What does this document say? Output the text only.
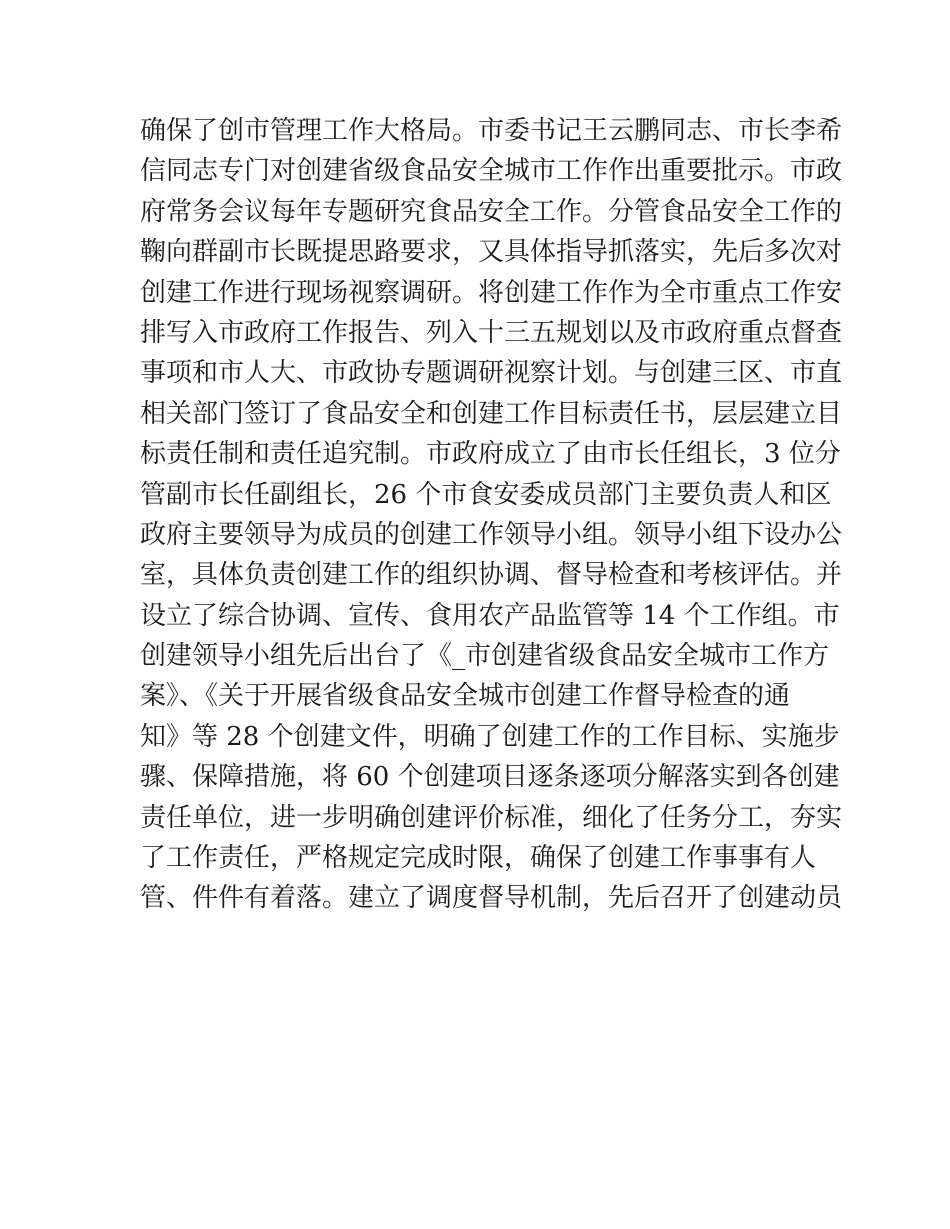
确保了创市管理工作大格局。市委书记王云鹏同志、市长李希
信同志专门对创建省级食品安全城市工作作出重要批示。市政
府常务会议每年专题研究食品安全工作。分管食品安全工作的
鞠向群副市长既提思路要求，又具体指导抓落实，先后多次对
创建工作进行现场视察调研。将创建工作作为全市重点工作安
排写入市政府工作报告、列入十三五规划以及市政府重点督查
事项和市人大、市政协专题调研视察计划。与创建三区、市直
相关部门签订了食品安全和创建工作目标责任书，层层建立目
标责任制和责任追究制。市政府成立了由市长任组长，3 位分
管副市长任副组长，26 个市食安委成员部门主要负责人和区
政府主要领导为成员的创建工作领导小组。领导小组下设办公
室，具体负责创建工作的组织协调、督导检查和考核评估。并
设立了综合协调、宣传、食用农产品监管等 14 个工作组。市
创建领导小组先后出台了《_市创建省级食品安全城市工作方
案》、《关于开展省级食品安全城市创建工作督导检查的通
知》等 28 个创建文件，明确了创建工作的工作目标、实施步
骤、保障措施，将 60 个创建项目逐条逐项分解落实到各创建
责任单位，进一步明确创建评价标准，细化了任务分工，夯实
了工作责任，严格规定完成时限，确保了创建工作事事有人
管、件件有着落。建立了调度督导机制，先后召开了创建动员
